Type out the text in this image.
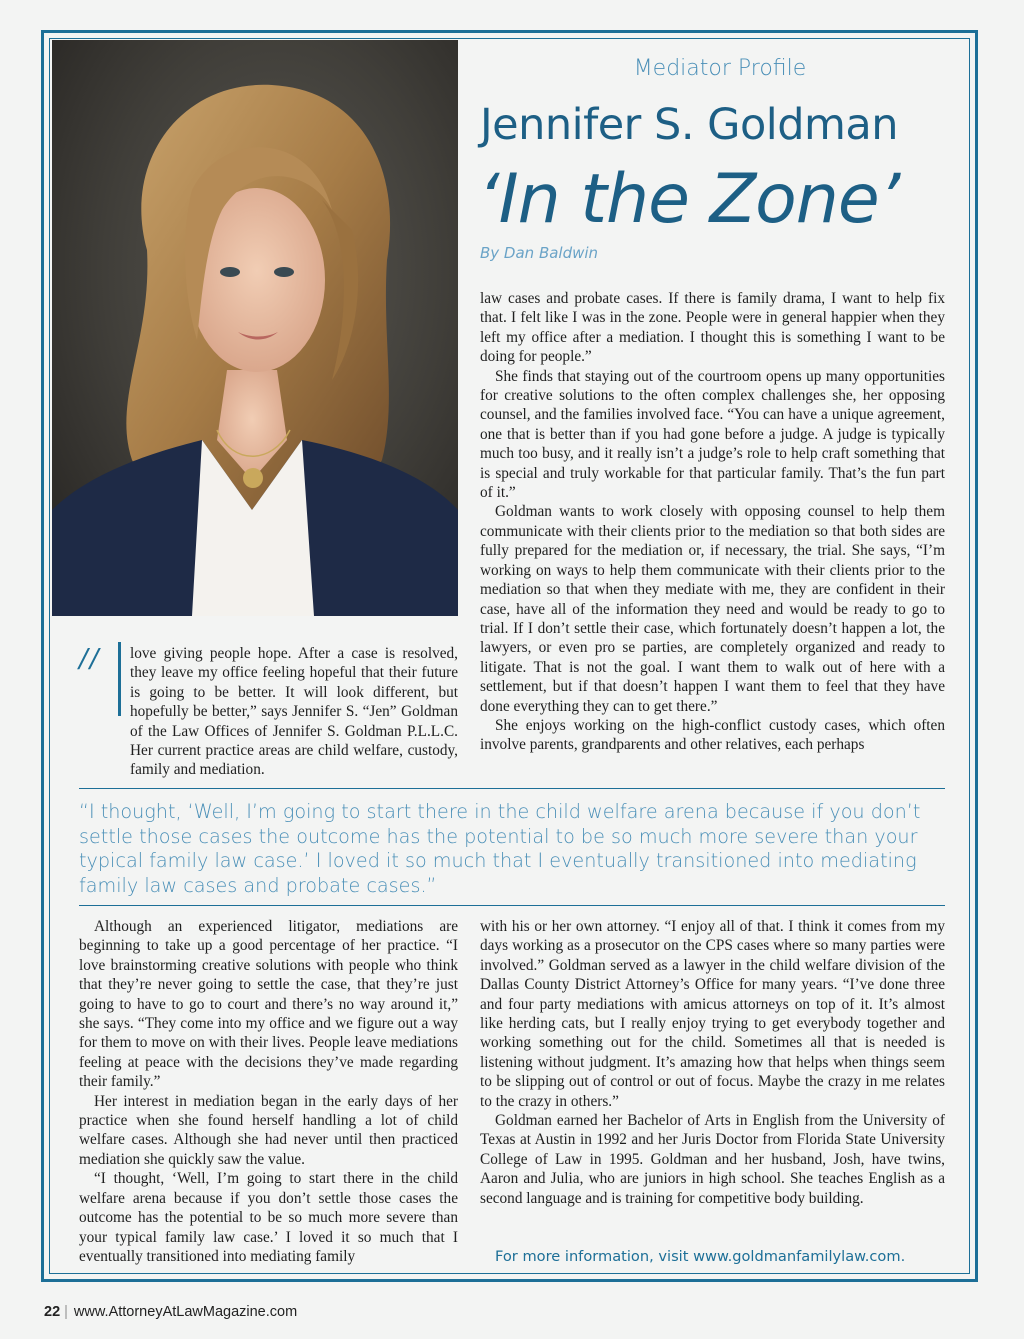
Mediator Profile
Jennifer S. Goldman
‘In the Zone’
By Dan Baldwin

law cases and probate cases. If there is family drama, I want to help fix that. I felt like I was in the zone. People were in general happier when they left my office after a mediation. I thought this is something I want to be doing for people.”

She finds that staying out of the courtroom opens up many opportunities for creative solutions to the often complex challenges she, her opposing counsel, and the families involved face. “You can have a unique agreement, one that is better than if you had gone before a judge. A judge is typically much too busy, and it really isn’t a judge’s role to help craft something that is special and truly workable for that particular family. That’s the fun part of it.”

Goldman wants to work closely with opposing counsel to help them communicate with their clients prior to the mediation so that both sides are fully prepared for the mediation or, if necessary, the trial. She says, “I’m working on ways to help them communicate with their clients prior to the mediation so that when they mediate with me, they are confident in their case, have all of the information they need and would be ready to go to trial. If I don’t settle their case, which fortunately doesn’t happen a lot, the lawyers, or even pro se parties, are completely organized and ready to litigate. That is not the goal. I want them to walk out of here with a settlement, but if that doesn’t happen I want them to feel that they have done everything they can to get there.”

She enjoys working on the high-conflict custody cases, which often involve parents, grandparents and other relatives, each perhaps

//	love giving people hope. After a case is resolved, they leave my office feeling hopeful that their future is going to be better. It will look different, but hopefully be better,” says Jennifer S. “Jen” Goldman of the Law Offices of Jennifer S. Goldman P.L.L.C. Her current practice areas are child welfare, custody, family and mediation.

“I thought, ‘Well, I’m going to start there in the child welfare arena because if you don’t settle those cases the outcome has the potential to be so much more severe than your typical family law case.’ I loved it so much that I eventually transitioned into mediating family law cases and probate cases.”

Although an experienced litigator, mediations are beginning to take up a good percentage of her practice. “I love brainstorming creative solutions with people who think that they’re never going to settle the case, that they’re just going to have to go to court and there’s no way around it,” she says. “They come into my office and we figure out a way for them to move on with their lives. People leave mediations feeling at peace with the decisions they’ve made regarding their family.”

Her interest in mediation began in the early days of her practice when she found herself handling a lot of child welfare cases. Although she had never until then practiced mediation she quickly saw the value.

“I thought, ‘Well, I’m going to start there in the child welfare arena because if you don’t settle those cases the outcome has the potential to be so much more severe than your typical family law case.’ I loved it so much that I eventually transitioned into mediating family

with his or her own attorney. “I enjoy all of that. I think it comes from my days working as a prosecutor on the CPS cases where so many parties were involved.” Goldman served as a lawyer in the child welfare division of the Dallas County District Attorney’s Office for many years. “I’ve done three and four party mediations with amicus attorneys on top of it. It’s almost like herding cats, but I really enjoy trying to get everybody together and working something out for the child. Sometimes all that is needed is listening without judgment. It’s amazing how that helps when things seem to be slipping out of control or out of focus. Maybe the crazy in me relates to the crazy in others.”

Goldman earned her Bachelor of Arts in English from the University of Texas at Austin in 1992 and her Juris Doctor from Florida State University College of Law in 1995. Goldman and her husband, Josh, have twins, Aaron and Julia, who are juniors in high school. She teaches English as a second language and is training for competitive body building.

For more information, visit www.goldmanfamilylaw.com.
22 | www.AttorneyAtLawMagazine.com
